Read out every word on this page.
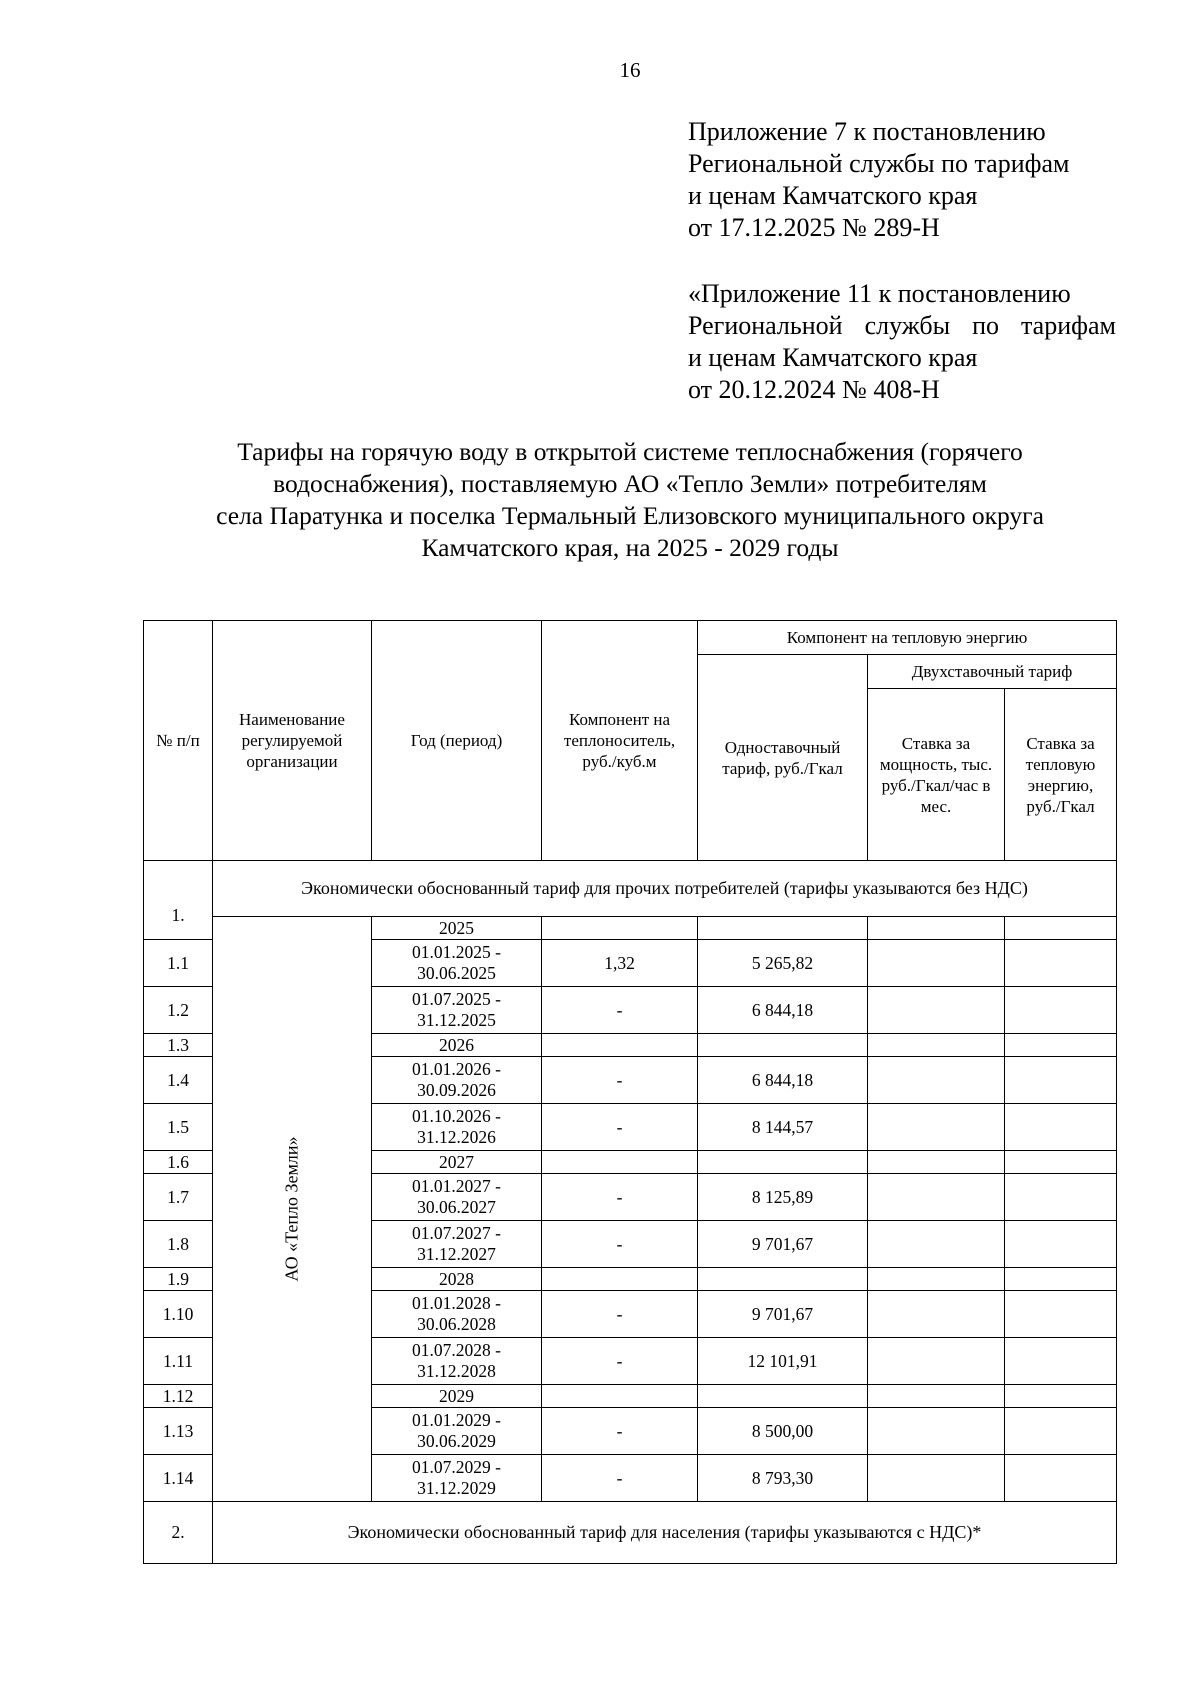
16
Приложение 7 к постановлению
Региональной службы по тарифам
и ценам Камчатского края
от 17.12.2025 № 289-Н
«Приложение 11 к постановлению
Региональной службы по тарифам
и ценам Камчатского края
от 20.12.2024 № 408-Н
Тарифы на горячую воду в открытой системе теплоснабжения (горячего
водоснабжения), поставляемую АО «Тепло Земли» потребителям
села Паратунка и поселка Термальный Елизовского муниципального округа
Камчатского края, на 2025 - 2029 годы
№ п/п	Наименование регулируемой организации	Год (период)	Компонент на теплоноситель, руб./куб.м	Компонент на тепловую энергию		
				Одноставочный тариф, руб./Гкал	Двухставочный тариф	
					Ставка за мощность, тыс. руб./Гкал/час в мес.	Ставка за тепловую энергию, руб./Гкал
1.	Экономически обоснованный тариф для прочих потребителей (тарифы указываются без НДС)					

	АО «Тепло Земли»	2025				
1.1		01.01.2025 - 30.06.2025	1,32	5 265,82		
1.2		01.07.2025 - 31.12.2025	-	6 844,18		
1.3		2026				
1.4		01.01.2026 - 30.09.2026	-	6 844,18		
1.5		01.10.2026 - 31.12.2026	-	8 144,57		
1.6		2027				
1.7		01.01.2027 - 30.06.2027	-	8 125,89		
1.8		01.07.2027 - 31.12.2027	-	9 701,67		
1.9		2028				
1.10		01.01.2028 - 30.06.2028	-	9 701,67		
1.11		01.07.2028 - 31.12.2028	-	12 101,91		
1.12		2029				
1.13		01.01.2029 - 30.06.2029	-	8 500,00		
1.14		01.07.2029 - 31.12.2029	-	8 793,30		
2.	Экономически обоснованный тариф для населения (тарифы указываются с НДС)*					
